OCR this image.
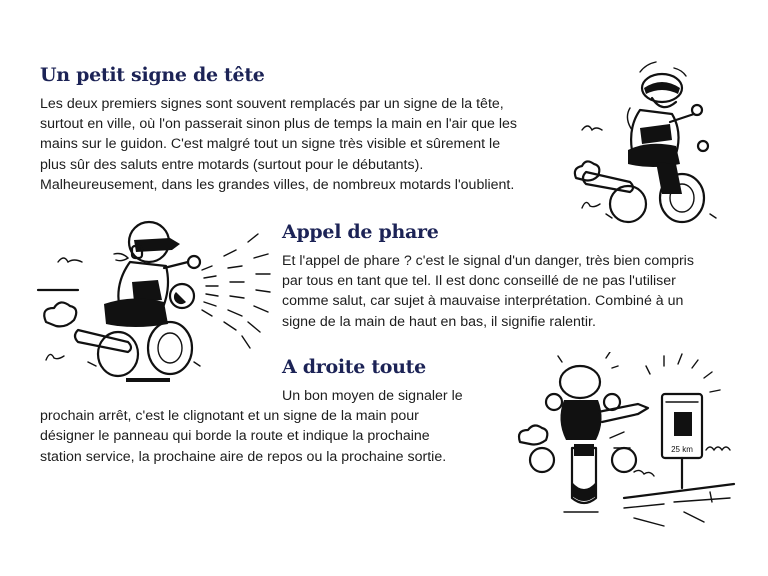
Un petit signe de tête
Les deux premiers signes sont souvent remplacés par un signe de la tête,
surtout en ville, où l'on passerait sinon plus de temps la main en l'air que les
mains sur le guidon. C'est malgré tout un signe très visible et sûrement le
plus sûr des saluts entre motards (surtout pour le débutants).
Malheureusement, dans les grandes villes, de nombreux motards l'oublient.
Appel de phare
Et l'appel de phare ? c'est le signal d'un danger, très bien compris
par tous en tant que tel. Il est donc conseillé de ne pas l'utiliser
comme salut, car sujet à mauvaise interprétation. Combiné à un
signe de la main de haut en bas, il signifie ralentir.
A droite toute
Un bon moyen de signaler le
prochain arrêt, c'est le clignotant et un signe de la main pour
désigner le panneau qui borde la route et indique la prochaine
station service, la prochaine aire de repos ou la prochaine sortie.	25 km
